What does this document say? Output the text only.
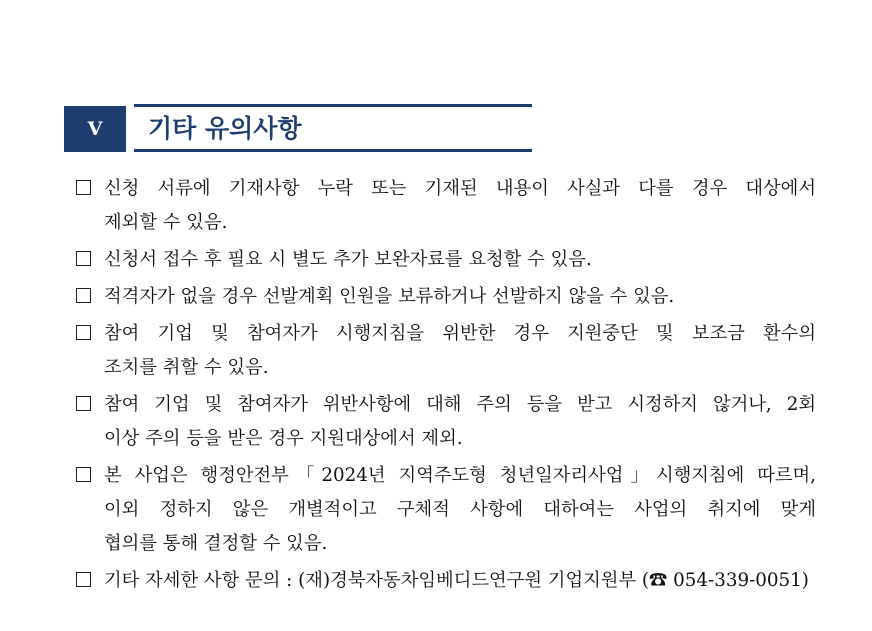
Ⅴ	기타 유의사항
신청 서류에 기재사항 누락 또는 기재된 내용이 사실과 다를 경우 대상에서
제외할 수 있음.
신청서 접수 후 필요 시 별도 추가 보완자료를 요청할 수 있음.
적격자가 없을 경우 선발계획 인원을 보류하거나 선발하지 않을 수 있음.
참여 기업 및 참여자가 시행지침을 위반한 경우 지원중단 및 보조금 환수의
조치를 취할 수 있음.
참여 기업 및 참여자가 위반사항에 대해 주의 등을 받고 시정하지 않거나, 2회
이상 주의 등을 받은 경우 지원대상에서 제외.
본 사업은 행정안전부「2024년 지역주도형 청년일자리사업」시행지침에 따르며,
이외 정하지 않은 개별적이고 구체적 사항에 대하여는 사업의 취지에 맞게
협의를 통해 결정할 수 있음.
기타 자세한 사항 문의 : (재)경북자동차임베디드연구원 기업지원부 (☎ 054-339-0051)
